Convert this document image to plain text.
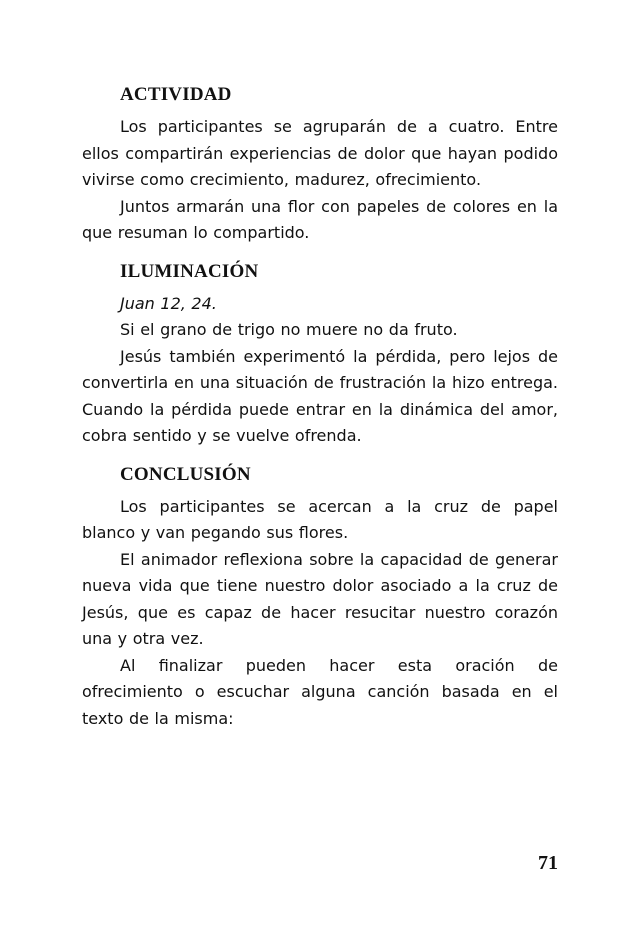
ACTIVIDAD

Los participantes se agruparán de a cuatro. Entre ellos compartirán experiencias de dolor que hayan podido vivirse como crecimiento, madurez, ofrecimiento.

Juntos armarán una flor con papeles de colores en la que resuman lo compartido.

ILUMINACIÓN

Juan 12, 24.

Si el grano de trigo no muere no da fruto.

Jesús también experimentó la pérdida, pero lejos de convertirla en una situación de frustración la hizo entrega. Cuando la pérdida puede entrar en la dinámica del amor, cobra sentido y se vuelve ofrenda.

CONCLUSIÓN

Los participantes se acercan a la cruz de papel blanco y van pegando sus flores.

El animador reflexiona sobre la capacidad de generar nueva vida que tiene nuestro dolor asociado a la cruz de Jesús, que es capaz de hacer resucitar nuestro corazón una y otra vez.

Al finalizar pueden hacer esta oración de ofrecimiento o escuchar alguna canción basada en el texto de la misma:

71
